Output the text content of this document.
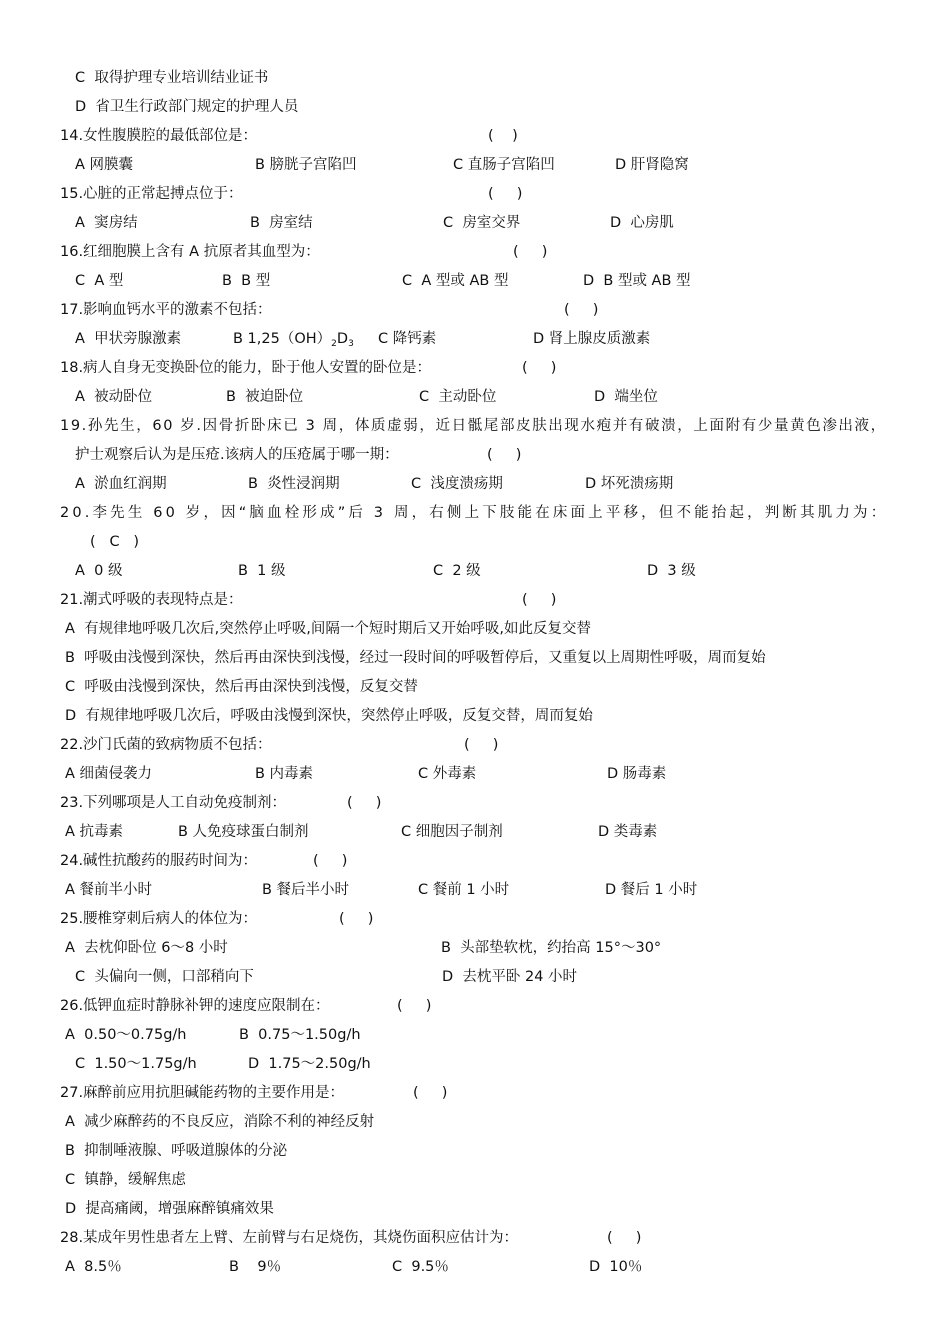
C  取得护理专业培训结业证书
D  省卫生行政部门规定的护理人员
14.女性腹膜腔的最低部位是：	(    )
A 网膜囊	B 膀胱子宫陷凹	C 直肠子宫陷凹	D 肝肾隐窝
15.心脏的正常起搏点位于：	(     )
A  窦房结	B  房室结	C  房室交界	D  心房肌
16.红细胞膜上含有 A 抗原者其血型为：	(     )
C  A 型	B  B 型	C  A 型或 AB 型	D  B 型或 AB 型
17.影响血钙水平的激素不包括：	(     )
A  甲状旁腺激素	B $1,25(OH)_2D_3$ C 降钙素	D 肾上腺皮质激素
18.病人自身无变换卧位的能力，卧于他人安置的卧位是：	(     )
A  被动卧位	B  被迫卧位	C  主动卧位	D  端坐位
19.孙先生，60 岁.因骨折卧床已 3 周，体质虚弱，近日骶尾部皮肤出现水疱并有破溃，上面附有少量黄色渗出液，
护士观察后认为是压疮.该病人的压疮属于哪一期：	(     )
A  淤血红润期	B  炎性浸润期	C  浅度溃疡期	D 坏死溃疡期
20.李先生 60 岁，因“脑血栓形成”后 3 周，右侧上下肢能在床面上平移，但不能抬起，判断其肌力为：
(   C   )
A  0 级	B  1 级	C  2 级	D  3 级
21.潮式呼吸的表现特点是：	(     )
A  有规律地呼吸几次后,突然停止呼吸,间隔一个短时期后又开始呼吸,如此反复交替
B  呼吸由浅慢到深快，然后再由深快到浅慢，经过一段时间的呼吸暂停后，又重复以上周期性呼吸，周而复始
C  呼吸由浅慢到深快，然后再由深快到浅慢，反复交替
D  有规律地呼吸几次后，呼吸由浅慢到深快，突然停止呼吸，反复交替，周而复始
22.沙门氏菌的致病物质不包括：	(     )
A 细菌侵袭力	B 内毒素	C 外毒素	D 肠毒素
23.下列哪项是人工自动免疫制剂：	(     )
A 抗毒素	B 人免疫球蛋白制剂	C 细胞因子制剂	D 类毒素
24.碱性抗酸药的服药时间为：	(     )
A 餐前半小时	B 餐后半小时	C 餐前 1 小时	D 餐后 1 小时
25.腰椎穿刺后病人的体位为：	(     )
A  去枕仰卧位 6～8 小时	B  头部垫软枕，约抬高 15°～30°
C  头偏向一侧，口部稍向下	D  去枕平卧 24 小时
26.低钾血症时静脉补钾的速度应限制在：	(     )
A  0.50～0.75g/h	B  0.75～1.50g/h
C  1.50～1.75g/h	D  1.75～2.50g/h
27.麻醉前应用抗胆碱能药物的主要作用是：	(     )
A  减少麻醉药的不良反应，消除不利的神经反射
B  抑制唾液腺、呼吸道腺体的分泌
C  镇静，缓解焦虑
D  提高痛阈，增强麻醉镇痛效果
28.某成年男性患者左上臂、左前臂与右足烧伤，其烧伤面积应估计为：	(     )
A  8.5％	B    9％	C  9.5％	D  10％
